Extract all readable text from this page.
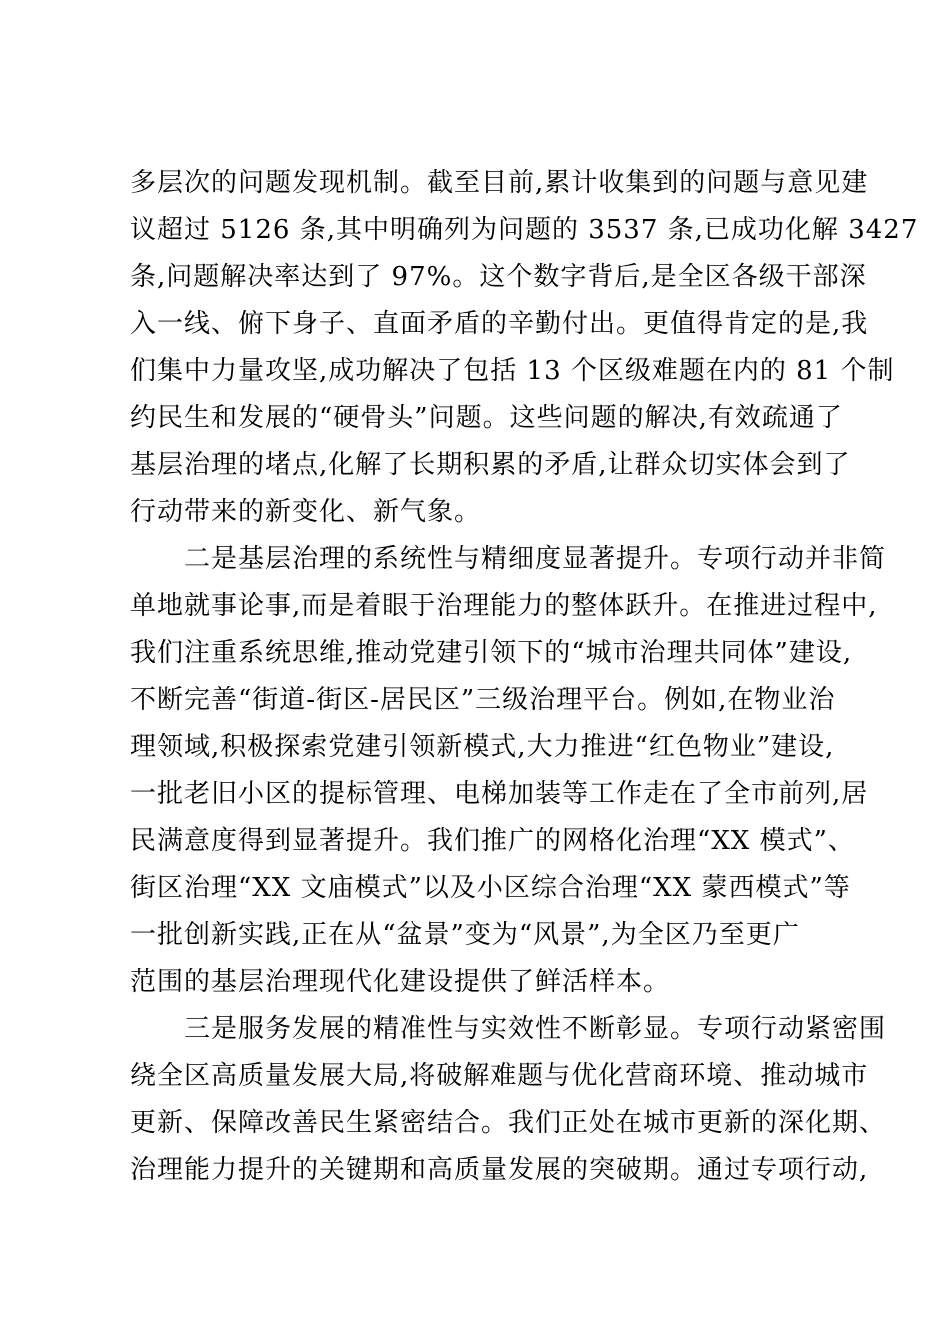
多层次的问题发现机制。截至目前,累计收集到的问题与意见建
议超过 5126 条,其中明确列为问题的 3537 条,已成功化解 3427
条,问题解决率达到了 97%。这个数字背后,是全区各级干部深
入一线、俯下身子、直面矛盾的辛勤付出。更值得肯定的是,我
们集中力量攻坚,成功解决了包括 13 个区级难题在内的 81 个制
约民生和发展的“硬骨头”问题。这些问题的解决,有效疏通了
基层治理的堵点,化解了长期积累的矛盾,让群众切实体会到了
行动带来的新变化、新气象。
　　二是基层治理的系统性与精细度显著提升。专项行动并非简
单地就事论事,而是着眼于治理能力的整体跃升。在推进过程中,
我们注重系统思维,推动党建引领下的“城市治理共同体”建设,
不断完善“街道-街区-居民区”三级治理平台。例如,在物业治
理领域,积极探索党建引领新模式,大力推进“红色物业”建设,
一批老旧小区的提标管理、电梯加装等工作走在了全市前列,居
民满意度得到显著提升。我们推广的网格化治理“XX 模式”、
街区治理“XX 文庙模式”以及小区综合治理“XX 蒙西模式”等
一批创新实践,正在从“盆景”变为“风景”,为全区乃至更广
范围的基层治理现代化建设提供了鲜活样本。
　　三是服务发展的精准性与实效性不断彰显。专项行动紧密围
绕全区高质量发展大局,将破解难题与优化营商环境、推动城市
更新、保障改善民生紧密结合。我们正处在城市更新的深化期、
治理能力提升的关键期和高质量发展的突破期。通过专项行动,
